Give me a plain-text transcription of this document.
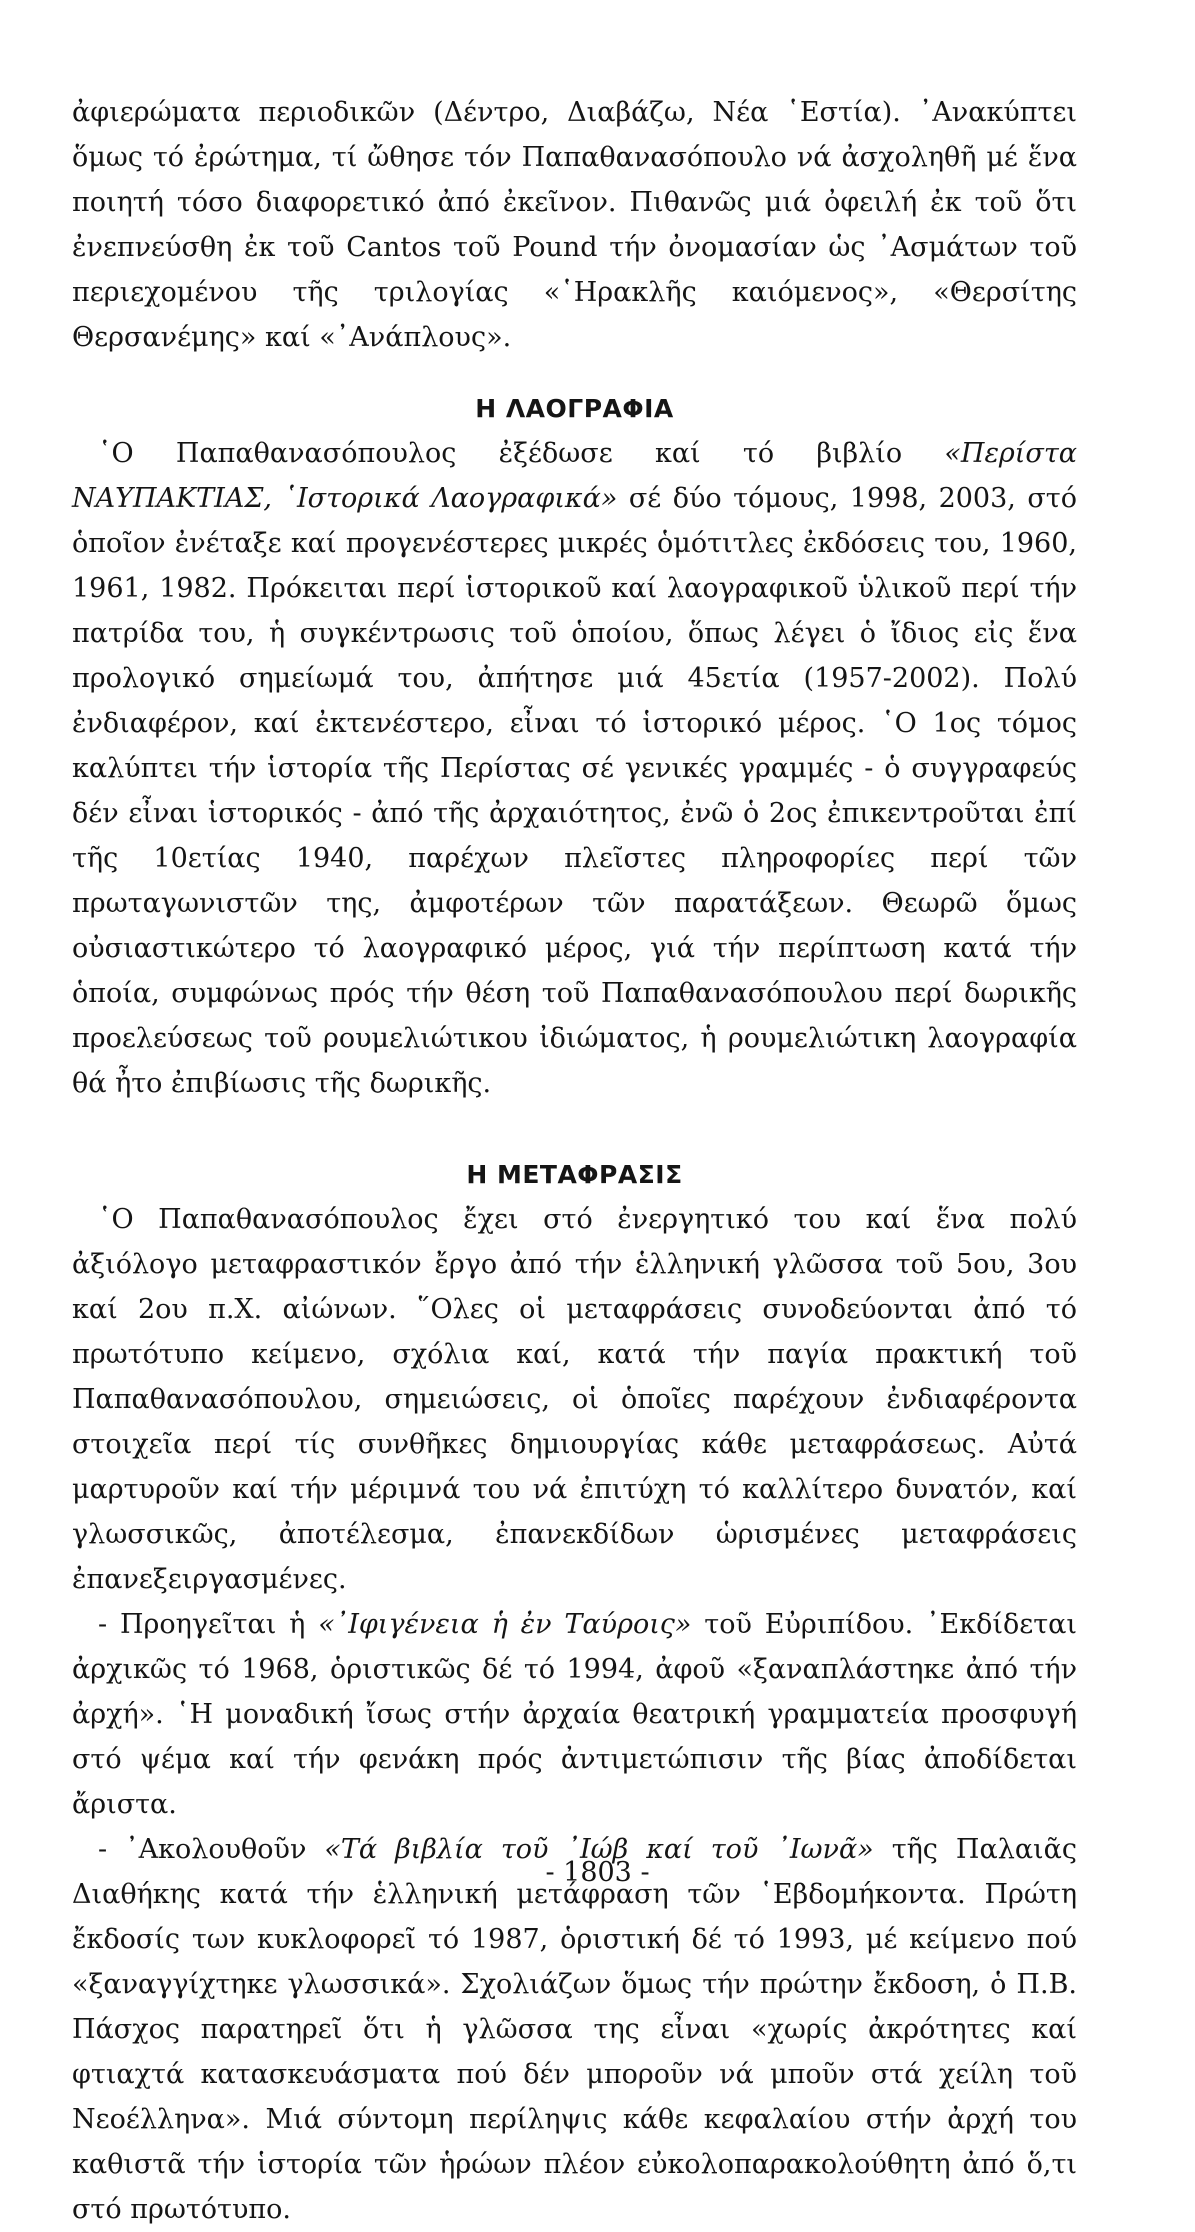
ἀφιερώματα περιοδικῶν (Δέντρο, Διαβάζω, Νέα ῾Εστία). ᾿Ανακύπτει ὅμως τό ἐρώτημα, τί ὤθησε τόν Παπαθανασόπουλο νά ἀσχοληθῆ μέ ἕνα ποιητή τόσο διαφορετικό ἀπό ἐκεῖνον. Πιθανῶς μιά ὀφειλή ἐκ τοῦ ὅτι ἐνεπνεύσθη ἐκ τοῦ Cantos τοῦ Pound τήν ὀνομασίαν ὡς ᾿Ασμάτων τοῦ περιεχομένου τῆς τριλογίας «῾Ηρακλῆς καιόμενος», «Θερσίτης Θερσανέμης» καί «᾿Ανάπλους».

Η ΛΑΟΓΡΑΦΙΑ

῾Ο Παπαθανασόπουλος ἐξέδωσε καί τό βιβλίο «Περίστα ΝΑΥΠΑΚΤΙΑΣ, ῾Ιστορικά Λαογραφικά» σέ δύο τόμους, 1998, 2003, στό ὁποῖον ἐνέταξε καί προγενέστερες μικρές ὁμότιτλες ἐκδόσεις του, 1960, 1961, 1982. Πρόκειται περί ἱστορικοῦ καί λαογραφικοῦ ὑλικοῦ περί τήν πατρίδα του, ἡ συγκέντρωσις τοῦ ὁποίου, ὅπως λέγει ὁ ἴδιος εἰς ἕνα προλογικό σημείωμά του, ἀπήτησε μιά 45ετία (1957-2002). Πολύ ἐνδιαφέρον, καί ἐκτενέστερο, εἶναι τό ἱστορικό μέρος. ῾Ο 1ος τόμος καλύπτει τήν ἱστορία τῆς Περίστας σέ γενικές γραμμές - ὁ συγγραφεύς δέν εἶναι ἱστορικός - ἀπό τῆς ἀρχαιότητος, ἐνῶ ὁ 2ος ἐπικεντροῦται ἐπί τῆς 10ετίας 1940, παρέχων πλεῖστες πληροφορίες περί τῶν πρωταγωνιστῶν της, ἀμφοτέρων τῶν παρατάξεων. Θεωρῶ ὅμως οὐσιαστικώτερο τό λαογραφικό μέρος, γιά τήν περίπτωση κατά τήν ὁποία, συμφώνως πρός τήν θέση τοῦ Παπαθανασόπουλου περί δωρικῆς προελεύσεως τοῦ ρουμελιώτικου ἰδιώματος, ἡ ρουμελιώτικη λαογραφία θά ἦτο ἐπιβίωσις τῆς δωρικῆς.

Η ΜΕΤΑΦΡΑΣΙΣ

῾Ο Παπαθανασόπουλος ἔχει στό ἐνεργητικό του καί ἕνα πολύ ἀξιόλογο μεταφραστικόν ἔργο ἀπό τήν ἑλληνική γλῶσσα τοῦ 5ου, 3ου καί 2ου π.Χ. αἰώνων. ῞Ολες οἱ μεταφράσεις συνοδεύονται ἀπό τό πρωτότυπο κείμενο, σχόλια καί, κατά τήν παγία πρακτική τοῦ Παπαθανασόπουλου, σημειώσεις, οἱ ὁποῖες παρέχουν ἐνδιαφέροντα στοιχεῖα περί τίς συνθῆκες δημιουργίας κάθε μεταφράσεως. Αὐτά μαρτυροῦν καί τήν μέριμνά του νά ἐπιτύχη τό καλλίτερο δυνατόν, καί γλωσσικῶς, ἀποτέλεσμα, ἐπανεκδίδων ὡρισμένες μεταφράσεις ἐπανεξειργασμένες.

- Προηγεῖται ἡ «᾿Ιφιγένεια ἡ ἐν Ταύροις» τοῦ Εὐριπίδου. ᾿Εκδίδεται ἀρχικῶς τό 1968, ὁριστικῶς δέ τό 1994, ἀφοῦ «ξαναπλάστηκε ἀπό τήν ἀρχή». ῾Η μοναδική ἴσως στήν ἀρχαία θεατρική γραμματεία προσφυγή στό ψέμα καί τήν φενάκη πρός ἀντιμετώπισιν τῆς βίας ἀποδίδεται ἄριστα.

- ᾿Ακολουθοῦν «Τά βιβλία τοῦ ᾿Ιώβ καί τοῦ ᾿Ιωνᾶ» τῆς Παλαιᾶς Διαθήκης κατά τήν ἑλληνική μετάφραση τῶν ῾Εβδομήκοντα. Πρώτη ἔκδοσίς των κυκλοφορεῖ τό 1987, ὁριστική δέ τό 1993, μέ κείμενο πού «ξαναγγίχτηκε γλωσσικά». Σχολιάζων ὅμως τήν πρώτην ἔκδοση, ὁ Π.Β. Πάσχος παρατηρεῖ ὅτι ἡ γλῶσσα της εἶναι «χωρίς ἀκρότητες καί φτιαχτά κατασκευάσματα πού δέν μποροῦν νά μποῦν στά χείλη τοῦ Νεοέλληνα». Μιά σύντομη περίληψις κάθε κεφαλαίου στήν ἀρχή του καθιστᾶ τήν ἱστορία τῶν ἡρώων πλέον εὐκολοπαρακολούθητη ἀπό ὅ,τι στό πρωτότυπο.

- 1803 -
